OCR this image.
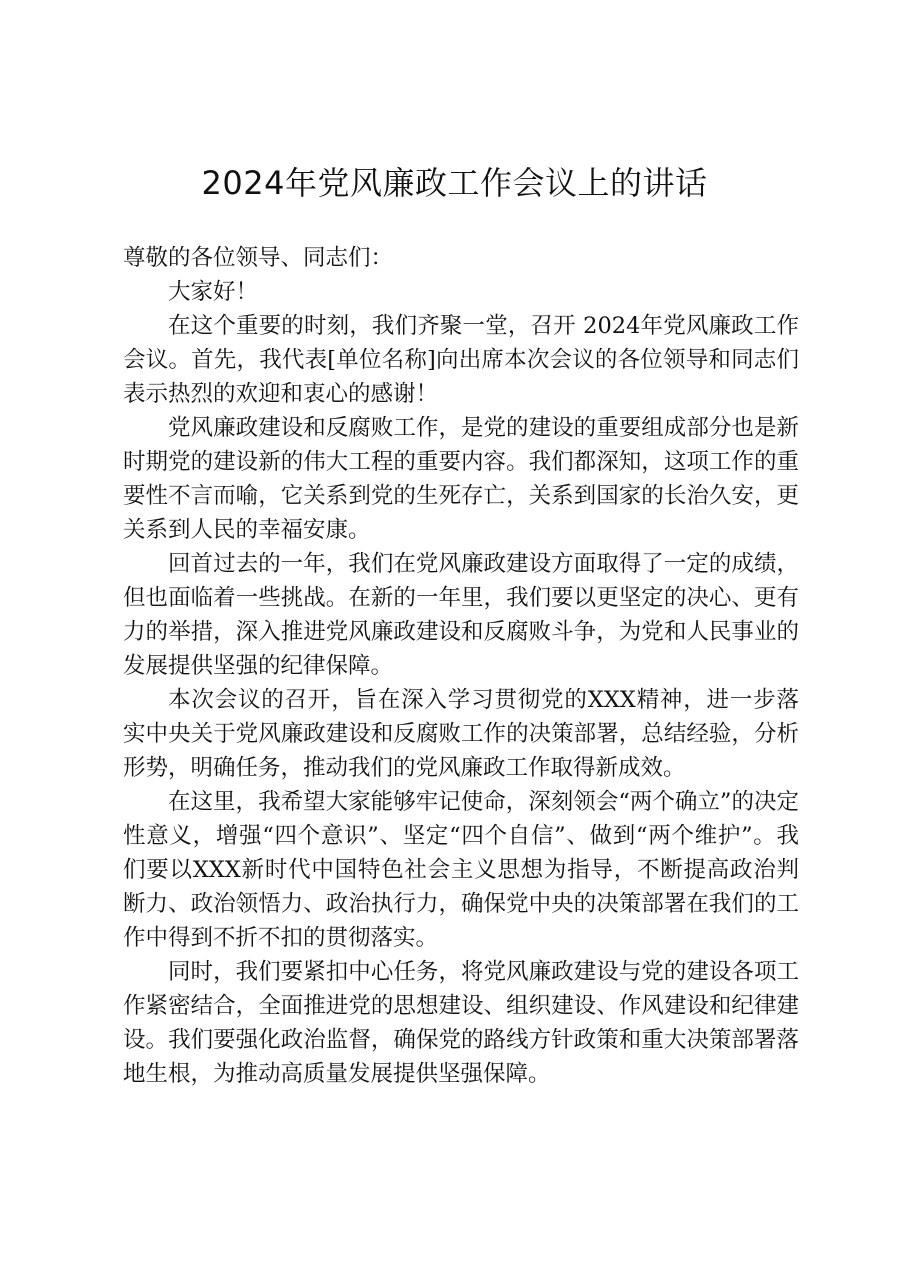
2024年党风廉政工作会议上的讲话

尊敬的各位领导、同志们：

大家好！

在这个重要的时刻，我们齐聚一堂，召开 2024年党风廉政工作会议。首先，我代表[单位名称]向出席本次会议的各位领导和同志们表示热烈的欢迎和衷心的感谢！

党风廉政建设和反腐败工作，是党的建设的重要组成部分也是新时期党的建设新的伟大工程的重要内容。我们都深知，这项工作的重要性不言而喻，它关系到党的生死存亡，关系到国家的长治久安，更关系到人民的幸福安康。

回首过去的一年，我们在党风廉政建设方面取得了一定的成绩，但也面临着一些挑战。在新的一年里，我们要以更坚定的决心、更有力的举措，深入推进党风廉政建设和反腐败斗争，为党和人民事业的发展提供坚强的纪律保障。

本次会议的召开，旨在深入学习贯彻党的XXX精神，进一步落实中央关于党风廉政建设和反腐败工作的决策部署，总结经验，分析形势，明确任务，推动我们的党风廉政工作取得新成效。

在这里，我希望大家能够牢记使命，深刻领会“两个确立”的决定性意义，增强“四个意识”、坚定“四个自信”、做到“两个维护”。我们要以XXX新时代中国特色社会主义思想为指导，不断提高政治判断力、政治领悟力、政治执行力，确保党中央的决策部署在我们的工作中得到不折不扣的贯彻落实。

同时，我们要紧扣中心任务，将党风廉政建设与党的建设各项工作紧密结合，全面推进党的思想建设、组织建设、作风建设和纪律建设。我们要强化政治监督，确保党的路线方针政策和重大决策部署落地生根，为推动高质量发展提供坚强保障。
